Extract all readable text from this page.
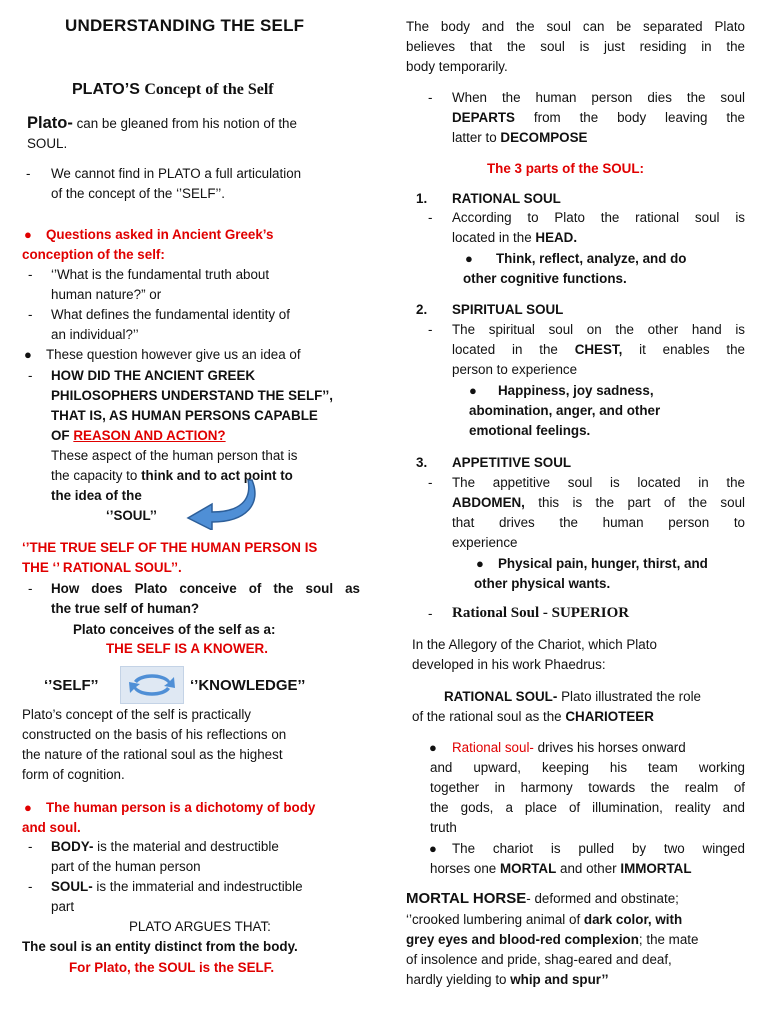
UNDERSTANDING THE SELF
PLATO’S Concept of the Self
Plato- can be gleaned from his notion of the
SOUL.
- We cannot find in PLATO a full articulation
of the concept of the ‘’SELF’’.
● Questions asked in Ancient Greek’s
conception of the self:
- ‘’What is the fundamental truth about
human nature?” or
- What defines the fundamental identity of
an individual?’’
● These question however give us an idea of
- HOW DID THE ANCIENT GREEK
PHILOSOPHERS UNDERSTAND THE SELF’’,
THAT IS, AS HUMAN PERSONS CAPABLE
OF REASON AND ACTION?
These aspect of the human person that is
the capacity to think and to act point to
the idea of the
‘’SOUL’’
‘’THE TRUE SELF OF THE HUMAN PERSON IS
THE ‘’ RATIONAL SOUL’’.
- How does Plato conceive of the soul as
the true self of human?
Plato conceives of the self as a:
THE SELF IS A KNOWER.
‘’SELF’’	‘’KNOWLEDGE’’
Plato’s concept of the self is practically
constructed on the basis of his reflections on
the nature of the rational soul as the highest
form of cognition.
● The human person is a dichotomy of body
and soul.
- BODY- is the material and destructible
part of the human person
- SOUL- is the immaterial and indestructible
part
PLATO ARGUES THAT:
The soul is an entity distinct from the body.
For Plato, the SOUL is the SELF.
The body and the soul can be separated Plato
believes that the soul is just residing in the
body temporarily.
- When the human person dies the soul
DEPARTS from the body leaving the
latter to DECOMPOSE
The 3 parts of the SOUL:
1. RATIONAL SOUL
- According to Plato the rational soul is
located in the HEAD.
● Think, reflect, analyze, and do
other cognitive functions.
2. SPIRITUAL SOUL
- The spiritual soul on the other hand is
located in the CHEST, it enables the
person to experience
● Happiness, joy sadness,
abomination, anger, and other
emotional feelings.
3. APPETITIVE SOUL
- The appetitive soul is located in the
ABDOMEN, this is the part of the soul
that drives the human person to
experience
● Physical pain, hunger, thirst, and
other physical wants.
- Rational Soul - SUPERIOR
In the Allegory of the Chariot, which Plato
developed in his work Phaedrus:
RATIONAL SOUL- Plato illustrated the role
of the rational soul as the CHARIOTEER
● Rational soul- drives his horses onward
and upward, keeping his team working
together in harmony towards the realm of
the gods, a place of illumination, reality and
truth
● The chariot is pulled by two winged
horses one MORTAL and other IMMORTAL
MORTAL HORSE- deformed and obstinate;
‘’crooked lumbering animal of dark color, with
grey eyes and blood-red complexion; the mate
of insolence and pride, shag-eared and deaf,
hardly yielding to whip and spur’’
